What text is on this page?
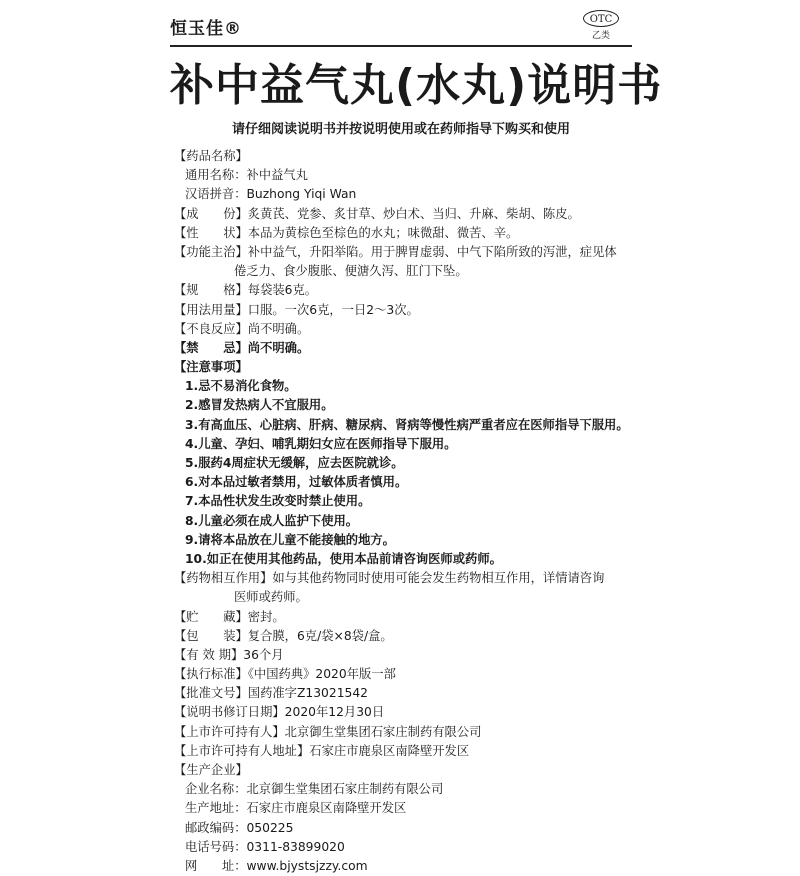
恒玉佳®	OTC
乙类
补中益气丸(水丸)说明书
请仔细阅读说明书并按说明使用或在药师指导下购买和使用
【药品名称】
通用名称：补中益气丸
汉语拼音：Buzhong Yiqi Wan
【成　　份】炙黄芪、党参、炙甘草、炒白术、当归、升麻、柴胡、陈皮。
【性　　状】本品为黄棕色至棕色的水丸；味微甜、微苦、辛。
【功能主治】补中益气，升阳举陷。用于脾胃虚弱、中气下陷所致的泻泄，症见体
倦乏力、食少腹胀、便溏久泻、肛门下坠。
【规　　格】每袋装6克。
【用法用量】口服。一次6克，一日2～3次。
【不良反应】尚不明确。
【禁　　忌】尚不明确。
【注意事项】
1.忌不易消化食物。
2.感冒发热病人不宜服用。
3.有高血压、心脏病、肝病、糖尿病、肾病等慢性病严重者应在医师指导下服用。
4.儿童、孕妇、哺乳期妇女应在医师指导下服用。
5.服药4周症状无缓解，应去医院就诊。
6.对本品过敏者禁用，过敏体质者慎用。
7.本品性状发生改变时禁止使用。
8.儿童必须在成人监护下使用。
9.请将本品放在儿童不能接触的地方。
10.如正在使用其他药品，使用本品前请咨询医师或药师。
【药物相互作用】如与其他药物同时使用可能会发生药物相互作用，详情请咨询
医师或药师。
【贮　　藏】密封。
【包　　装】复合膜，6克/袋×8袋/盒。
【有 效 期】36个月
【执行标准】《中国药典》2020年版一部
【批准文号】国药准字Z13021542
【说明书修订日期】2020年12月30日
【上市许可持有人】北京御生堂集团石家庄制药有限公司
【上市许可持有人地址】石家庄市鹿泉区南降壁开发区
【生产企业】
企业名称：北京御生堂集团石家庄制药有限公司
生产地址：石家庄市鹿泉区南降壁开发区
邮政编码：050225
电话号码：0311-83899020
网　　址：www.bjystsjzzy.com
